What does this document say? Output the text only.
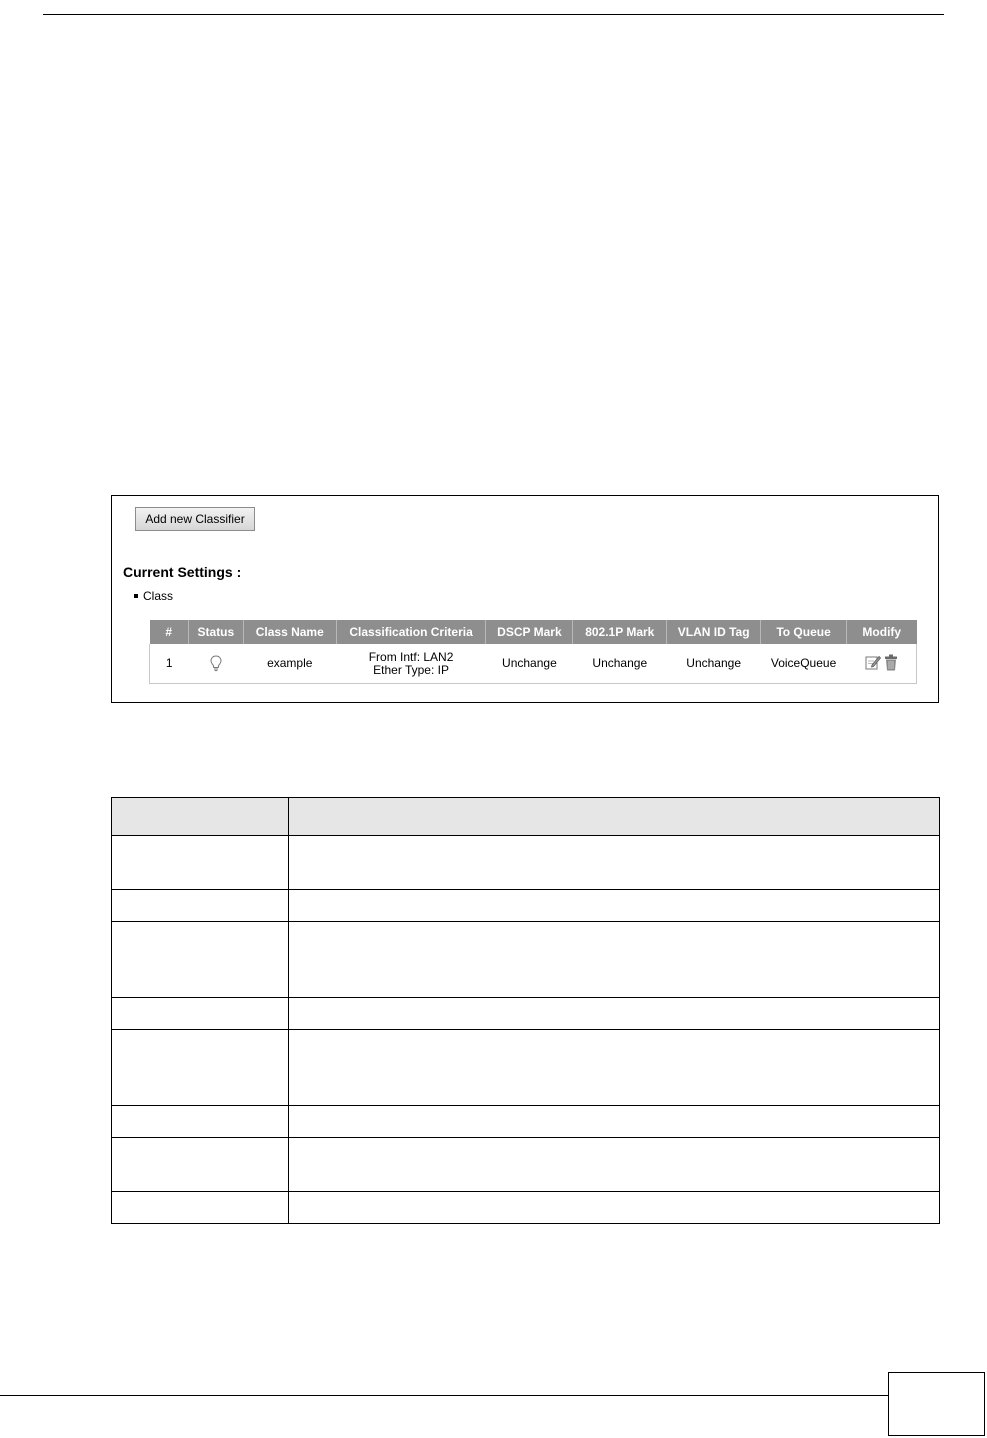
Add new Classifier
Current Settings :
Class
#	Status	Class Name	Classification Criteria	DSCP Mark	802.1P Mark	VLAN ID Tag	To Queue	Modify
1		example	From Intf: LAN2
Ether Type: IP	Unchange	Unchange	Unchange	VoiceQueue	
